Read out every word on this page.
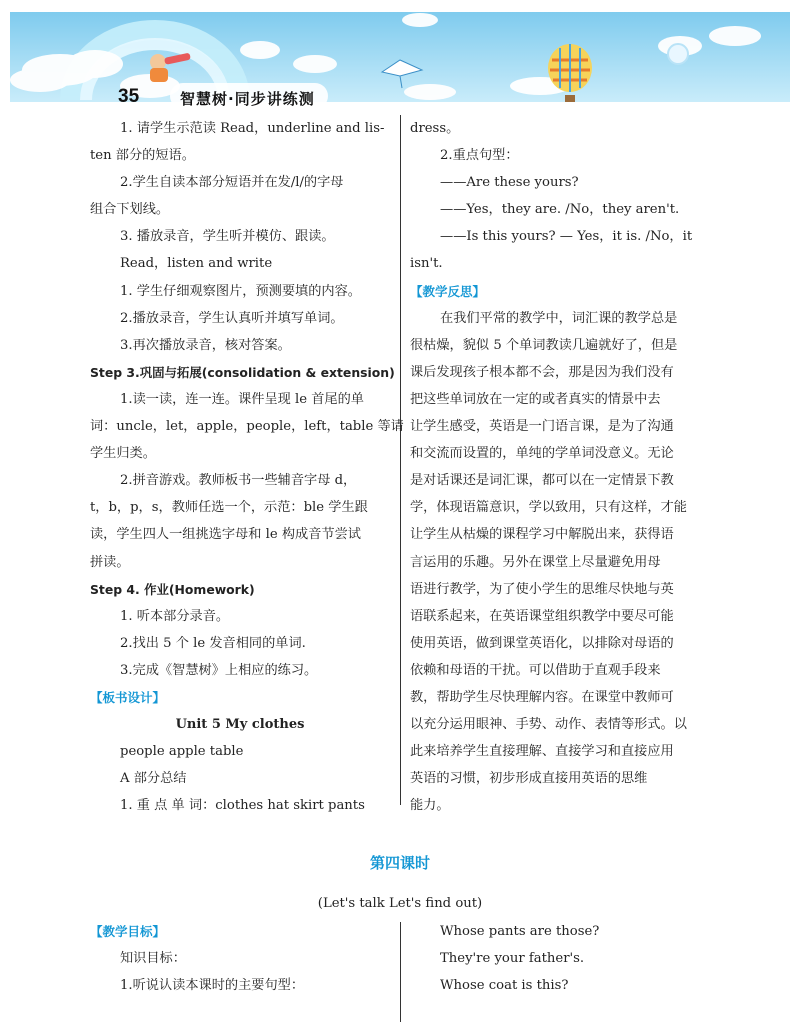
35	智慧树·同步讲练测

1. 请学生示范读 Read，underline and lis-

ten 部分的短语。

2.学生自读本部分短语并在发/l/的字母

组合下划线。

3. 播放录音，学生听并模仿、跟读。

Read，listen and write

1. 学生仔细观察图片，预测要填的内容。

2.播放录音，学生认真听并填写单词。

3.再次播放录音，核对答案。

Step 3.巩固与拓展(consolidation & extension)

1.读一读，连一连。课件呈现 le 首尾的单

词：uncle，let，apple，people，left，table 等请

学生归类。

2.拼音游戏。教师板书一些辅音字母 d，

t，b，p，s，教师任选一个，示范：ble 学生跟

读，学生四人一组挑选字母和 le 构成音节尝试

拼读。

Step 4. 作业(Homework)

1. 听本部分录音。

2.找出 5 个 le 发音相同的单词.

3.完成《智慧树》上相应的练习。

【板书设计】

Unit 5 My clothes

people apple table

A 部分总结

1. 重 点 单 词：clothes hat skirt pants

dress。

2.重点句型：

——Are these yours?

——Yes，they are. /No，they aren't.

——Is this yours? — Yes，it is. /No，it

isn't.

【教学反思】

在我们平常的教学中，词汇课的教学总是

很枯燥，貌似 5 个单词教读几遍就好了，但是

课后发现孩子根本都不会，那是因为我们没有

把这些单词放在一定的或者真实的情景中去

让学生感受，英语是一门语言课，是为了沟通

和交流而设置的，单纯的学单词没意义。无论

是对话课还是词汇课，都可以在一定情景下教

学，体现语篇意识，学以致用，只有这样，才能

让学生从枯燥的课程学习中解脱出来，获得语

言运用的乐趣。另外在课堂上尽量避免用母

语进行教学，为了使小学生的思维尽快地与英

语联系起来，在英语课堂组织教学中要尽可能

使用英语，做到课堂英语化，以排除对母语的

依赖和母语的干扰。可以借助于直观手段来

教，帮助学生尽快理解内容。在课堂中教师可

以充分运用眼神、手势、动作、表情等形式。以

此来培养学生直接理解、直接学习和直接应用

英语的习惯，初步形成直接用英语的思维

能力。

第四课时
(Let's talk Let's find out)

【教学目标】

知识目标：

1.听说认读本课时的主要句型：

Whose pants are those?

They're your father's.

Whose coat is this?
